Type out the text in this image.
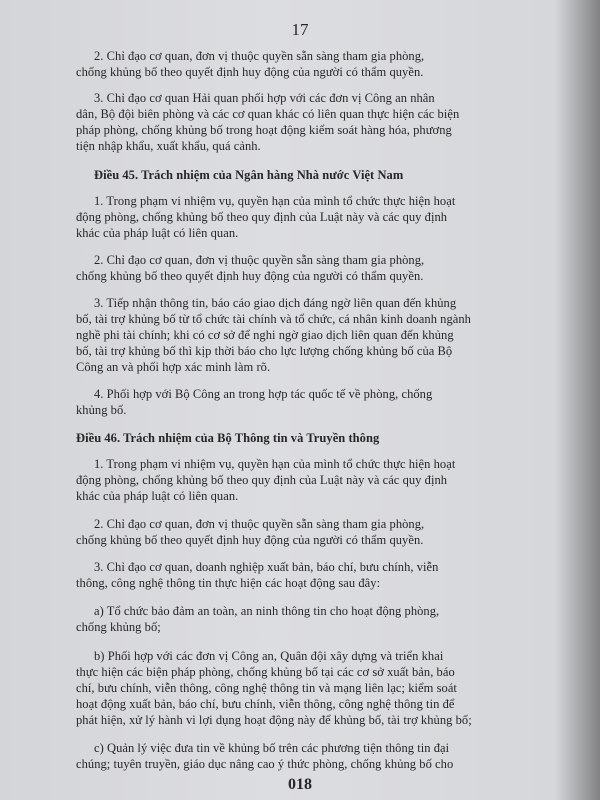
17
2. Chỉ đạo cơ quan, đơn vị thuộc quyền sẵn sàng tham gia phòng,
chống khủng bố theo quyết định huy động của người có thẩm quyền.
3. Chỉ đạo cơ quan Hải quan phối hợp với các đơn vị Công an nhân
dân, Bộ đội biên phòng và các cơ quan khác có liên quan thực hiện các biện
pháp phòng, chống khủng bố trong hoạt động kiểm soát hàng hóa, phương
tiện nhập khẩu, xuất khẩu, quá cảnh.
Điều 45. Trách nhiệm của Ngân hàng Nhà nước Việt Nam
1. Trong phạm vi nhiệm vụ, quyền hạn của mình tổ chức thực hiện hoạt
động phòng, chống khủng bố theo quy định của Luật này và các quy định
khác của pháp luật có liên quan.
2. Chỉ đạo cơ quan, đơn vị thuộc quyền sẵn sàng tham gia phòng,
chống khủng bố theo quyết định huy động của người có thẩm quyền.
3. Tiếp nhận thông tin, báo cáo giao dịch đáng ngờ liên quan đến khủng
bố, tài trợ khủng bố từ tổ chức tài chính và tổ chức, cá nhân kinh doanh ngành
nghề phi tài chính; khi có cơ sở để nghi ngờ giao dịch liên quan đến khủng
bố, tài trợ khủng bố thì kịp thời báo cho lực lượng chống khủng bố của Bộ
Công an và phối hợp xác minh làm rõ.
4. Phối hợp với Bộ Công an trong hợp tác quốc tế về phòng, chống
khủng bố.
Điều 46. Trách nhiệm của Bộ Thông tin và Truyền thông
1. Trong phạm vi nhiệm vụ, quyền hạn của mình tổ chức thực hiện hoạt
động phòng, chống khủng bố theo quy định của Luật này và các quy định
khác của pháp luật có liên quan.
2. Chỉ đạo cơ quan, đơn vị thuộc quyền sẵn sàng tham gia phòng,
chống khủng bố theo quyết định huy động của người có thẩm quyền.
3. Chỉ đạo cơ quan, doanh nghiệp xuất bản, báo chí, bưu chính, viễn
thông, công nghệ thông tin thực hiện các hoạt động sau đây:
a) Tổ chức bảo đảm an toàn, an ninh thông tin cho hoạt động phòng,
chống khủng bố;
b) Phối hợp với các đơn vị Công an, Quân đội xây dựng và triển khai
thực hiện các biện pháp phòng, chống khủng bố tại các cơ sở xuất bản, báo
chí, bưu chính, viễn thông, công nghệ thông tin và mạng liên lạc; kiểm soát
hoạt động xuất bản, báo chí, bưu chính, viễn thông, công nghệ thông tin để
phát hiện, xử lý hành vi lợi dụng hoạt động này để khủng bố, tài trợ khủng bố;
c) Quản lý việc đưa tin về khủng bố trên các phương tiện thông tin đại
chúng; tuyên truyền, giáo dục nâng cao ý thức phòng, chống khủng bố cho
018
